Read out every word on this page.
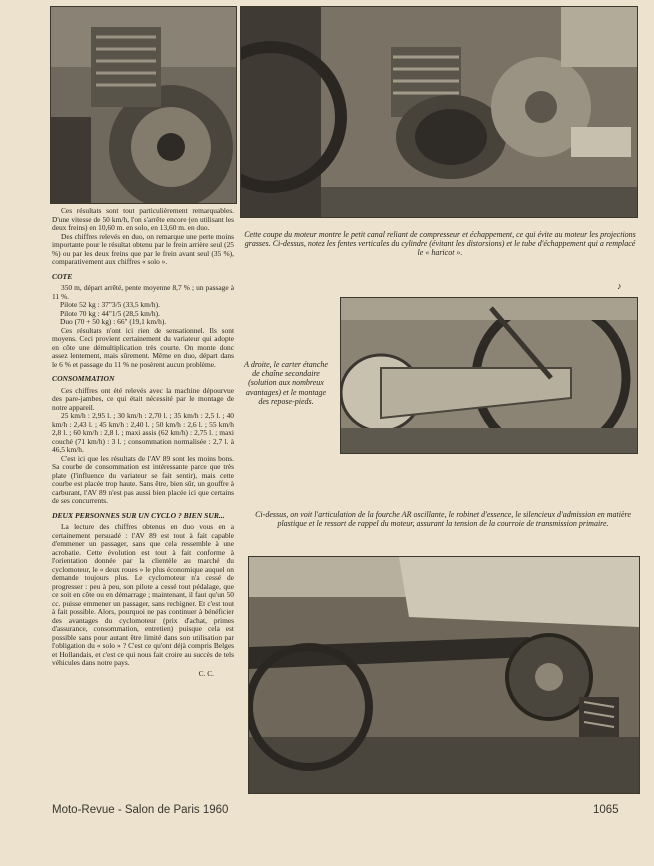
Cette coupe du moteur montre le petit canal reliant de compresseur et échappement, ce qui évite au moteur les projections grasses. Ci-dessus, notez les fentes verticales du cylindre (évitant les distorsions) et le tube d'échappement qui a remplacé le « haricot ».
A droite, le carter étanche de chaîne secondaire (solution aux nombreux avantages) et le montage des repose-pieds.
Ci-dessus, on voit l'articulation de la fourche AR oscillante, le robinet d'essence, le silencieux d'admission en matière plastique et le ressort de rappel du moteur, assurant la tension de la courroie de transmission primaire.
♪

Ces résultats sont tout particulièrement remarquables. D'une vitesse de 50 km/h, l'on s'arrête encore (en utilisant les deux freins) en 10,60 m. en solo, en 13,60 m. en duo.

Des chiffres relevés en duo, on remarque une perte moins importante pour le résultat obtenu par le frein arrière seul (25 %) ou par les deux freins que par le frein avant seul (35 %), comparativement aux chiffres « solo ».

COTE

350 m, départ arrêté, pente moyenne 8,7 % ; un passage à 11 %.

Pilote 52 kg : 37"3/5 (33,5 km/h).

Pilote 70 kg : 44"1/5 (28,5 km/h).

Duo (70 + 50 kg) : 66" (19,1 km/h).

Ces résultats n'ont ici rien de sensationnel. Ils sont moyens. Ceci provient certainement du variateur qui adopte en côte une démultiplication très courte. On monte donc assez lentement, mais sûrement. Même en duo, départ dans le 6 % et passage du 11 % ne posèrent aucun problème.

CONSOMMATION

Ces chiffres ont été relevés avec la machine dépourvue des pare-jambes, ce qui était nécessité par le montage de notre appareil.

25 km/h : 2,95 l. ; 30 km/h : 2,70 l. ; 35 km/h : 2,5 l. ; 40 km/h : 2,43 l. ; 45 km/h : 2,40 l. ; 50 km/h : 2,6 l. ; 55 km/h 2,8 l. ; 60 km/h : 2,8 l. ; maxi assis (62 km/h) : 2,75 l. ; maxi couché (71 km/h) : 3 l. ; consommation normalisée : 2,7 l. à 46,5 km/h.

C'est ici que les résultats de l'AV 89 sont les moins bons. Sa courbe de consommation est intéressante parce que très plate (l'influence du variateur se fait sentir), mais cette courbe est placée trop haute. Sans être, bien sûr, un gouffre à carburant, l'AV 89 n'est pas aussi bien placée ici que certains de ses concurrents.

DEUX PERSONNES SUR UN CYCLO ? BIEN SUR...

La lecture des chiffres obtenus en duo vous en a certainement persuadé : l'AV 89 est tout à fait capable d'emmener un passager, sans que cela ressemble à une acrobatie. Cette évolution est tout à fait conforme à l'orientation donnée par la clientèle au marché du cyclomoteur, le « deux roues » le plus économique auquel on demande toujours plus. Le cyclomoteur n'a cessé de progresser : peu à peu, son pilote a cessé tout pédalage, que ce soit en côte ou en démarrage ; maintenant, il faut qu'un 50 cc. puisse emmener un passager, sans rechigner. Et c'est tout à fait possible. Alors, pourquoi ne pas continuer à bénéficier des avantages du cyclomoteur (prix d'achat, primes d'assurance, consommation, entretien) puisque cela est possible sans pour autant être limité dans son utilisation par l'obligation du « solo » ? C'est ce qu'ont déjà compris Belges et Hollandais, et c'est ce qui nous fait croire au succès de tels véhicules dans notre pays.

C. C.

Moto-Revue - Salon de Paris 1960	1065
